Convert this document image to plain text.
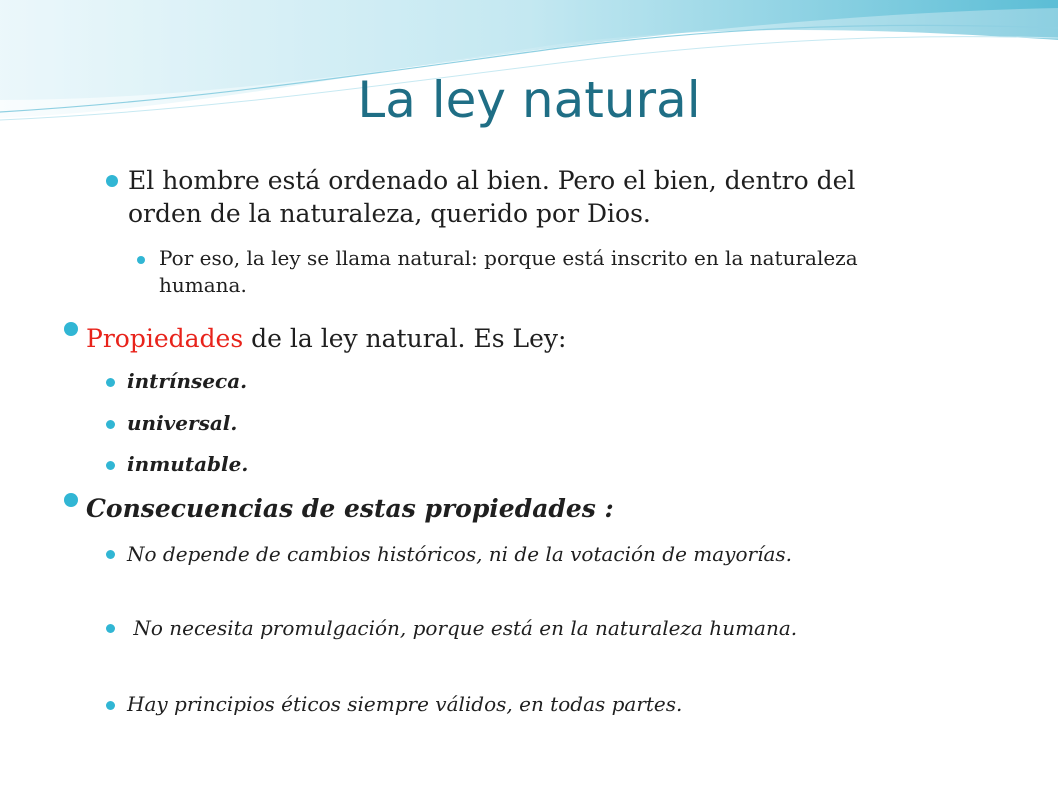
La ley natural
El hombre está ordenado al bien. Pero el bien, dentro del orden de la naturaleza, querido por Dios.
Por eso, la ley se llama natural: porque está inscrito en la naturaleza humana.
Propiedades de la ley natural. Es Ley:
intrínseca.
universal.
inmutable.
Consecuencias de estas propiedades :
No depende de cambios históricos, ni de la votación de mayorías.
No necesita promulgación, porque está en la naturaleza humana.
Hay principios éticos siempre válidos, en todas partes.
